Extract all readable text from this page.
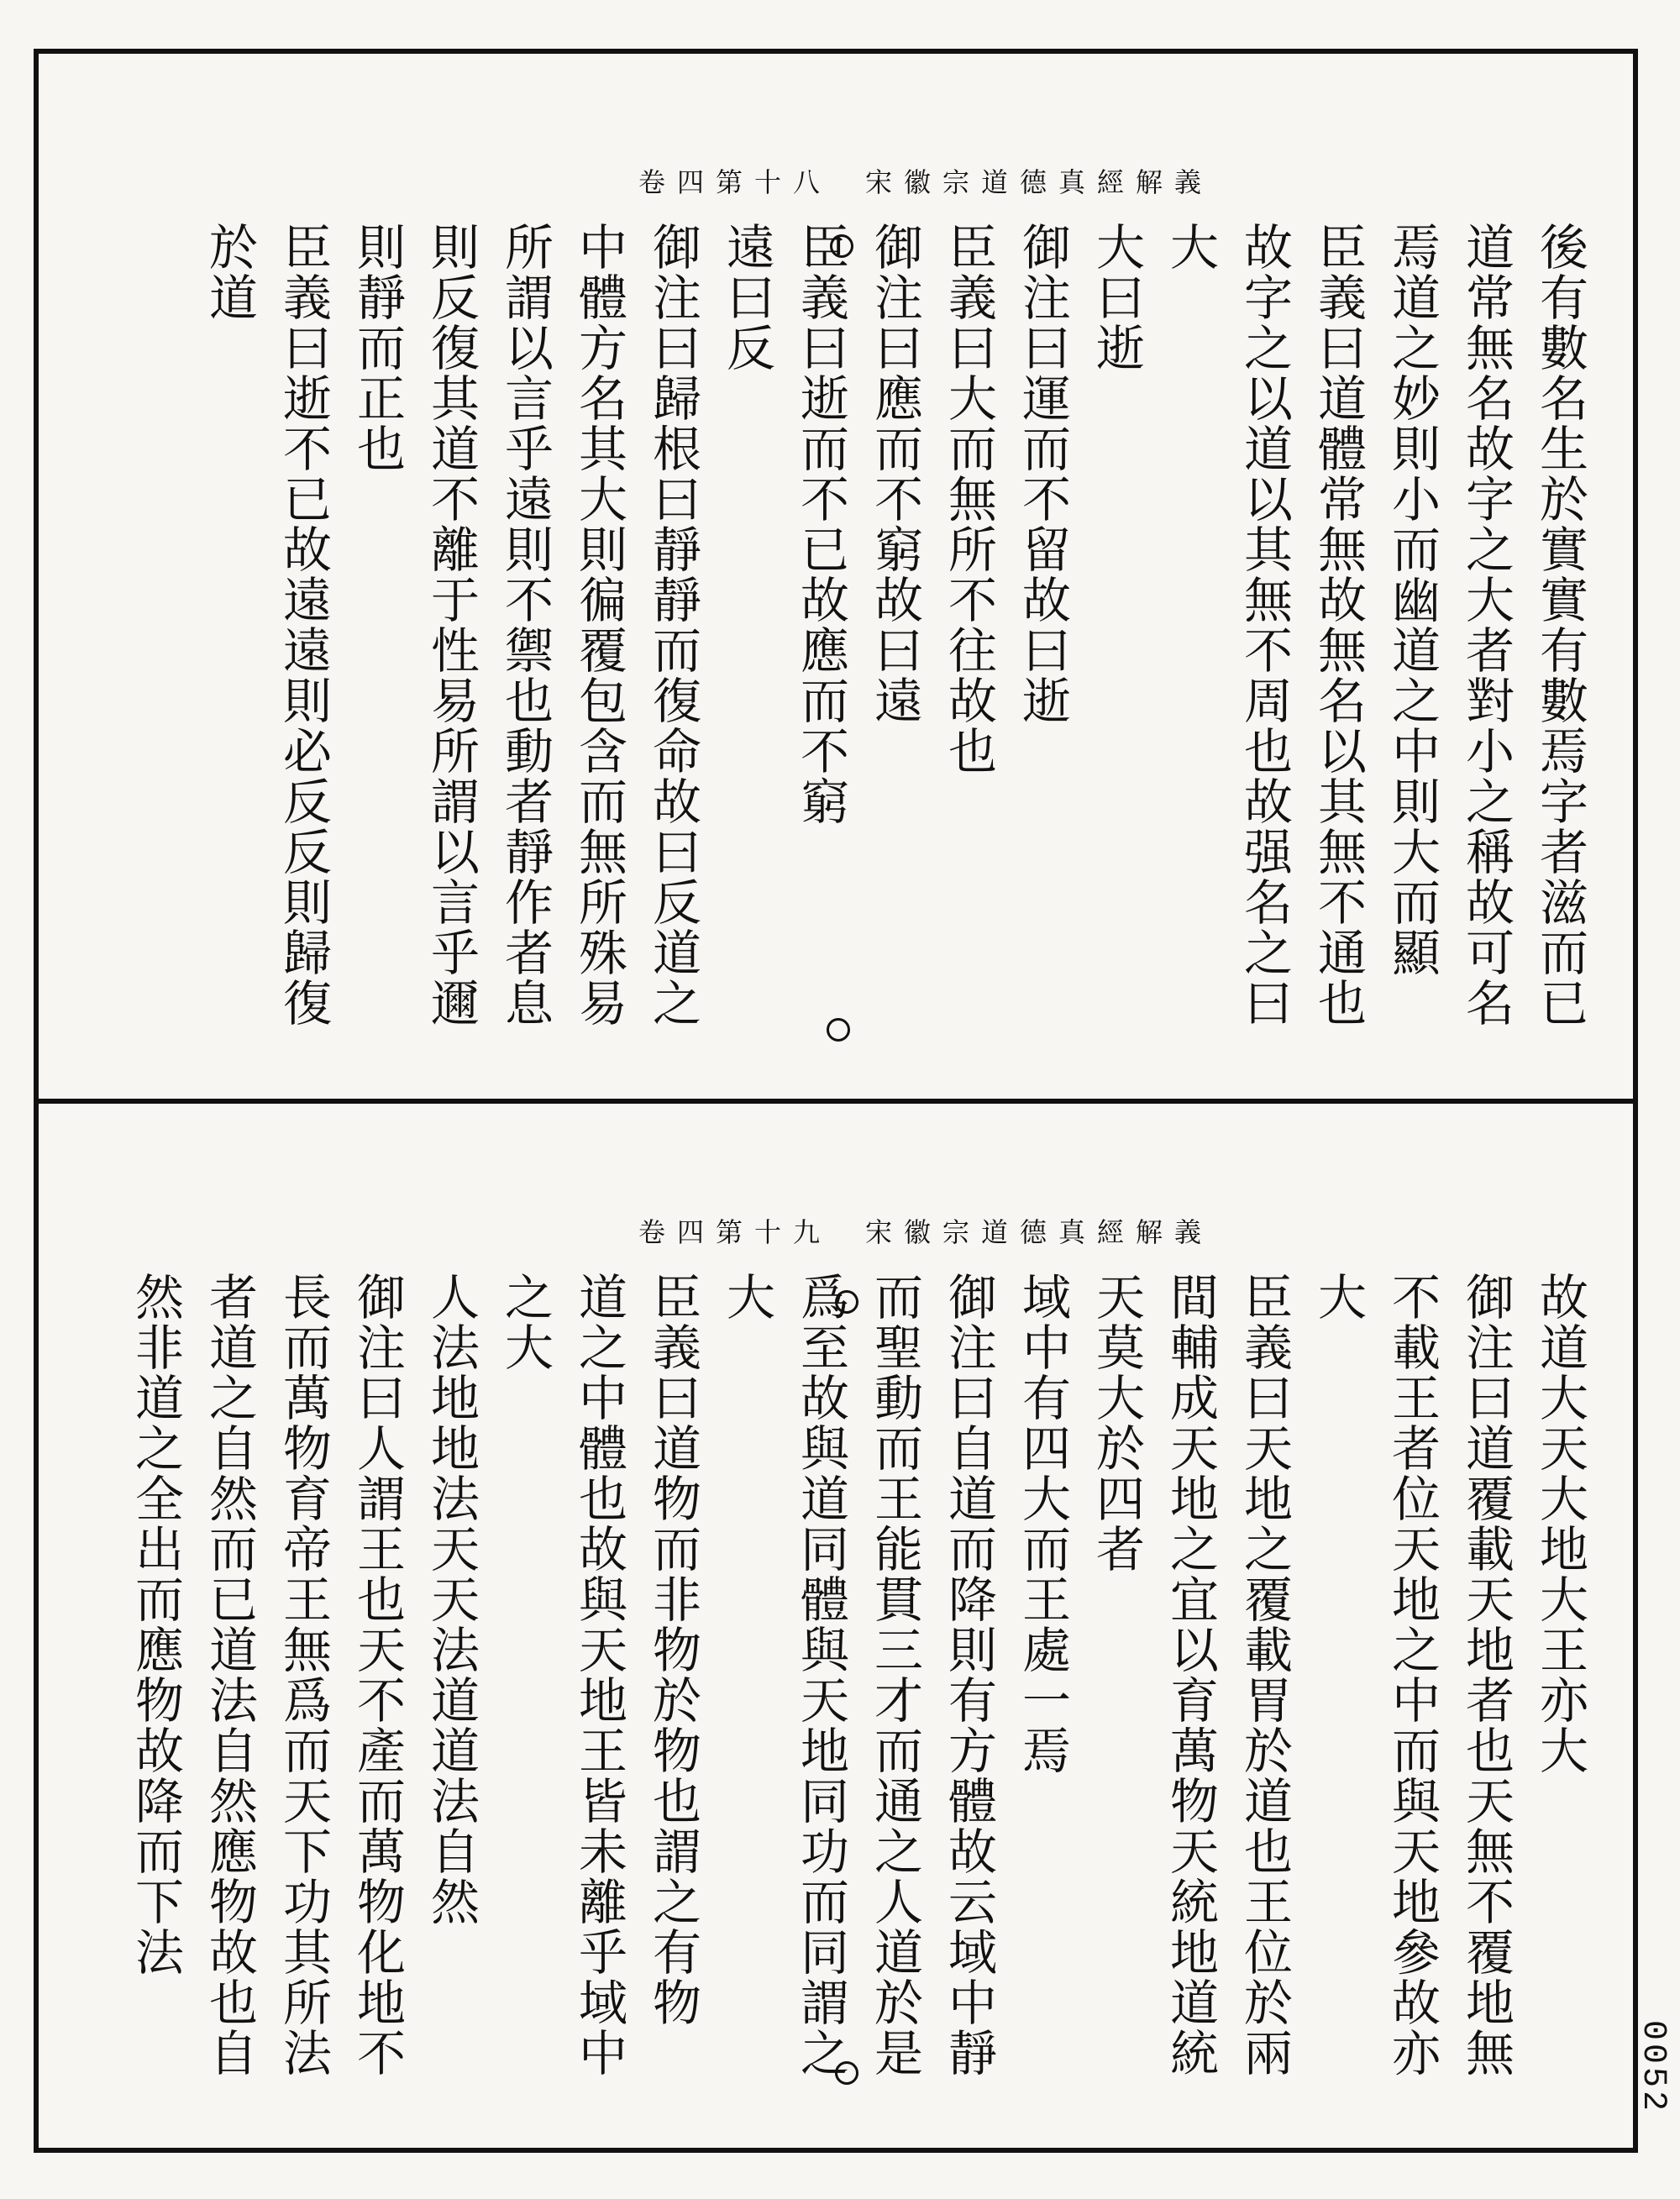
卷四第十八 宋徽宗道德真經解義
後有數名生於實實有數焉字者滋而已
道常無名故字之大者對小之稱故可名
焉道之妙則小而幽道之中則大而顯
臣義曰道體常無故無名以其無不通也
故字之以道以其無不周也故强名之曰
大
大曰逝
御注曰運而不留故曰逝
臣義曰大而無所不往故也
御注曰應而不窮故曰遠
臣義曰逝而不已故應而不窮
遠曰反
御注曰歸根曰靜靜而復命故曰反道之
中體方名其大則徧覆包含而無所殊易
所謂以言乎遠則不禦也動者靜作者息
則反復其道不離于性易所謂以言乎邇
則靜而正也
臣義曰逝不已故遠遠則必反反則歸復
於道
卷四第十九 宋徽宗道德真經解義
故道大天大地大王亦大
御注曰道覆載天地者也天無不覆地無
不載王者位天地之中而與天地參故亦
大
臣義曰天地之覆載胃於道也王位於兩
間輔成天地之宜以育萬物天統地道統
天莫大於四者
域中有四大而王處一焉
御注曰自道而降則有方體故云域中靜
而聖動而王能貫三才而通之人道於是
爲至故與道同體與天地同功而同謂之
大
臣義曰道物而非物於物也謂之有物
道之中體也故與天地王皆未離乎域中
之大
人法地地法天天法道道法自然
御注曰人謂王也天不產而萬物化地不
長而萬物育帝王無爲而天下功其所法
者道之自然而已道法自然應物故也自
然非道之全出而應物故降而下法
0052
